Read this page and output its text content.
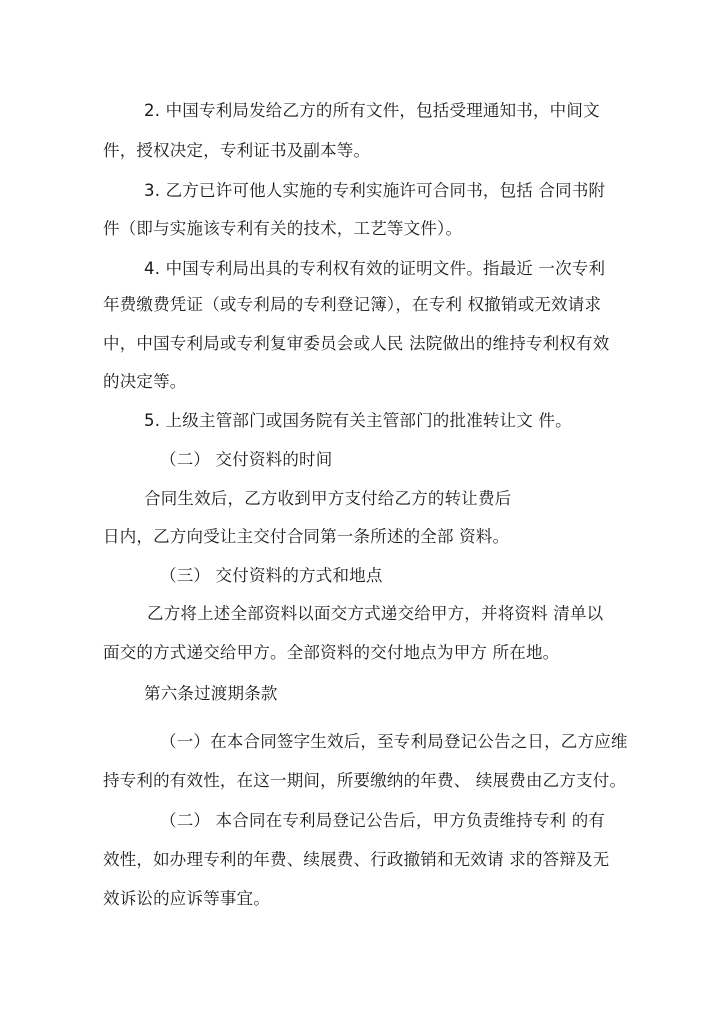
2. 中国专利局发给乙方的所有文件，包括受理通知书，中间文
件，授权决定，专利证书及副本等。
3. 乙方已许可他人实施的专利实施许可合同书，包括 合同书附
件（即与实施该专利有关的技术，工艺等文件）。
4. 中国专利局出具的专利权有效的证明文件。指最近 一次专利
年费缴费凭证（或专利局的专利登记簿），在专利 权撤销或无效请求
中，中国专利局或专利复审委员会或人民 法院做出的维持专利权有效
的决定等。
5. 上级主管部门或国务院有关主管部门的批准转让文 件。
（二） 交付资料的时间
合同生效后，乙方收到甲方支付给乙方的转让费后
日内，乙方向受让主交付合同第一条所述的全部 资料。
（三） 交付资料的方式和地点
乙方将上述全部资料以面交方式递交给甲方，并将资料 清单以
面交的方式递交给甲方。全部资料的交付地点为甲方 所在地。
第六条过渡期条款
（一）在本合同签字生效后，至专利局登记公告之日，乙方应维
持专利的有效性，在这一期间，所要缴纳的年费、 续展费由乙方支付。
（二） 本合同在专利局登记公告后，甲方负责维持专利 的有
效性，如办理专利的年费、续展费、行政撤销和无效请 求的答辩及无
效诉讼的应诉等事宜。
